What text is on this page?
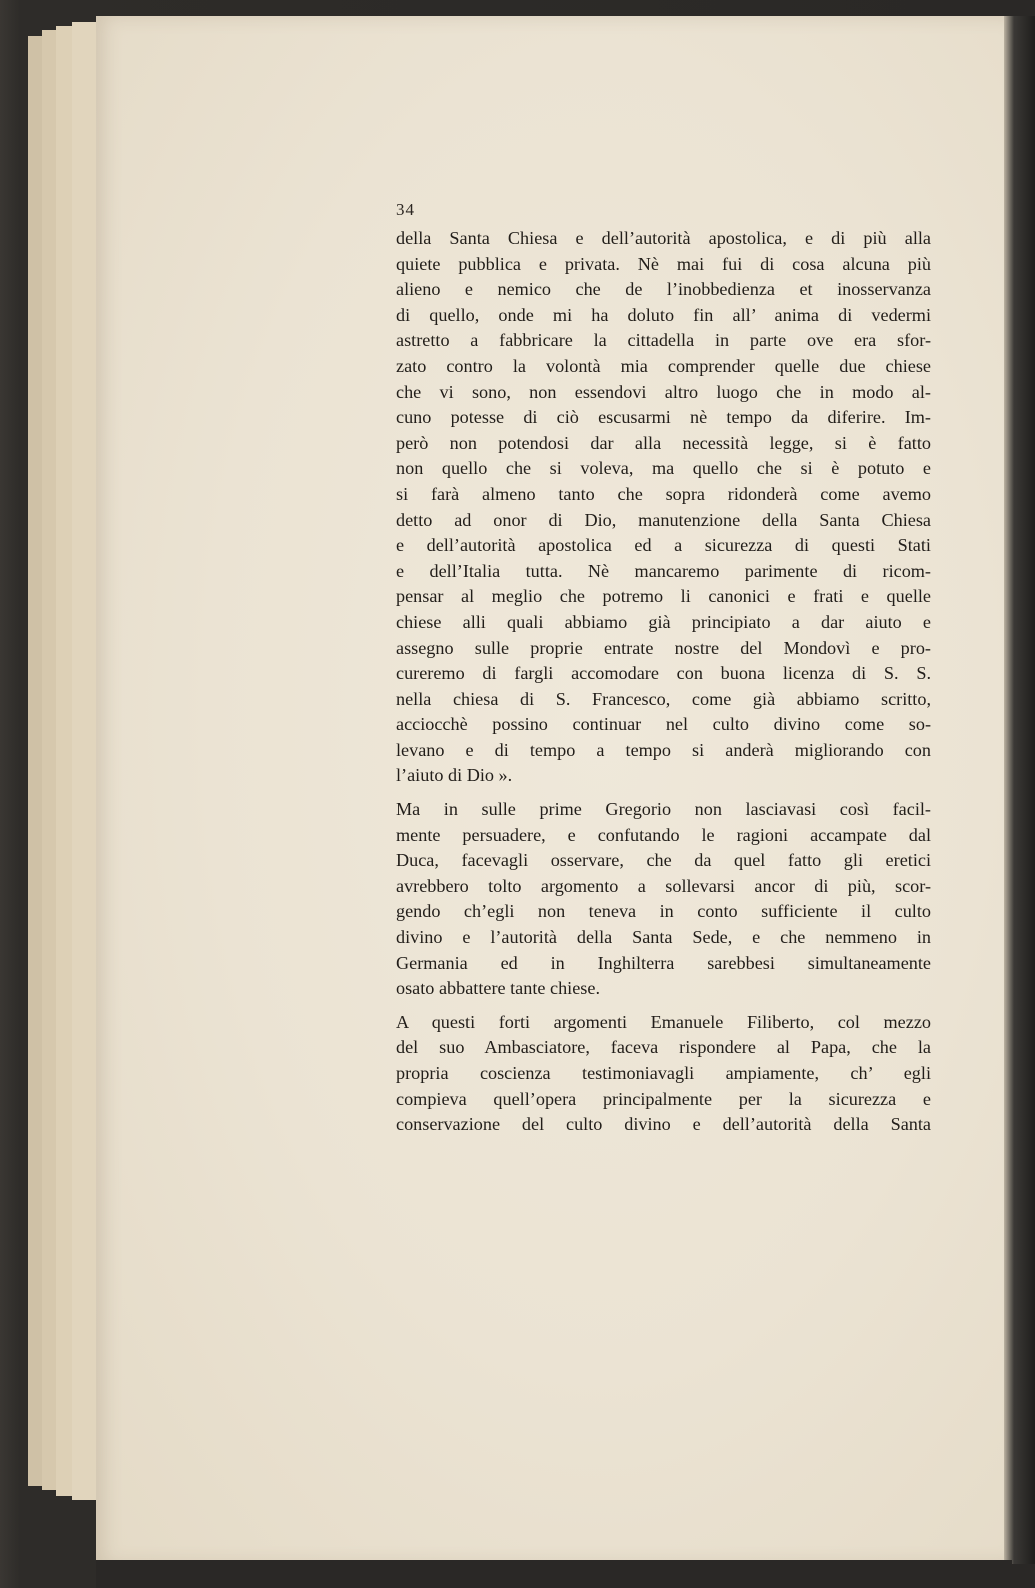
34
della Santa Chiesa e dell’autorità apostolica, e di più alla
quiete pubblica e privata. Nè mai fui di cosa alcuna più
alieno e nemico che de l’inobbedienza et inosservanza
di quello, onde mi ha doluto fin all’ anima di vedermi
astretto a fabbricare la cittadella in parte ove era sfor-
zato contro la volontà mia comprender quelle due chiese
che vi sono, non essendovi altro luogo che in modo al-
cuno potesse di ciò escusarmi nè tempo da diferire. Im-
però non potendosi dar alla necessità legge, si è fatto
non quello che si voleva, ma quello che si è potuto e
si farà almeno tanto che sopra ridonderà come avemo
detto ad onor di Dio, manutenzione della Santa Chiesa
e dell’autorità apostolica ed a sicurezza di questi Stati
e dell’Italia tutta. Nè mancaremo parimente di ricom-
pensar al meglio che potremo li canonici e frati e quelle
chiese alli quali abbiamo già principiato a dar aiuto e
assegno sulle proprie entrate nostre del Mondovì e pro-
cureremo di fargli accomodare con buona licenza di S. S.
nella chiesa di S. Francesco, come già abbiamo scritto,
acciocchè possino continuar nel culto divino come so-
levano e di tempo a tempo si anderà migliorando con
l’aiuto di Dio ».
Ma in sulle prime Gregorio non lasciavasi così facil-
mente persuadere, e confutando le ragioni accampate dal
Duca, facevagli osservare, che da quel fatto gli eretici
avrebbero tolto argomento a sollevarsi ancor di più, scor-
gendo ch’egli non teneva in conto sufficiente il culto
divino e l’autorità della Santa Sede, e che nemmeno in
Germania ed in Inghilterra sarebbesi simultaneamente
osato abbattere tante chiese.
A questi forti argomenti Emanuele Filiberto, col mezzo
del suo Ambasciatore, faceva rispondere al Papa, che la
propria coscienza testimoniavagli ampiamente, ch’ egli
compieva quell’opera principalmente per la sicurezza e
conservazione del culto divino e dell’autorità della Santa
